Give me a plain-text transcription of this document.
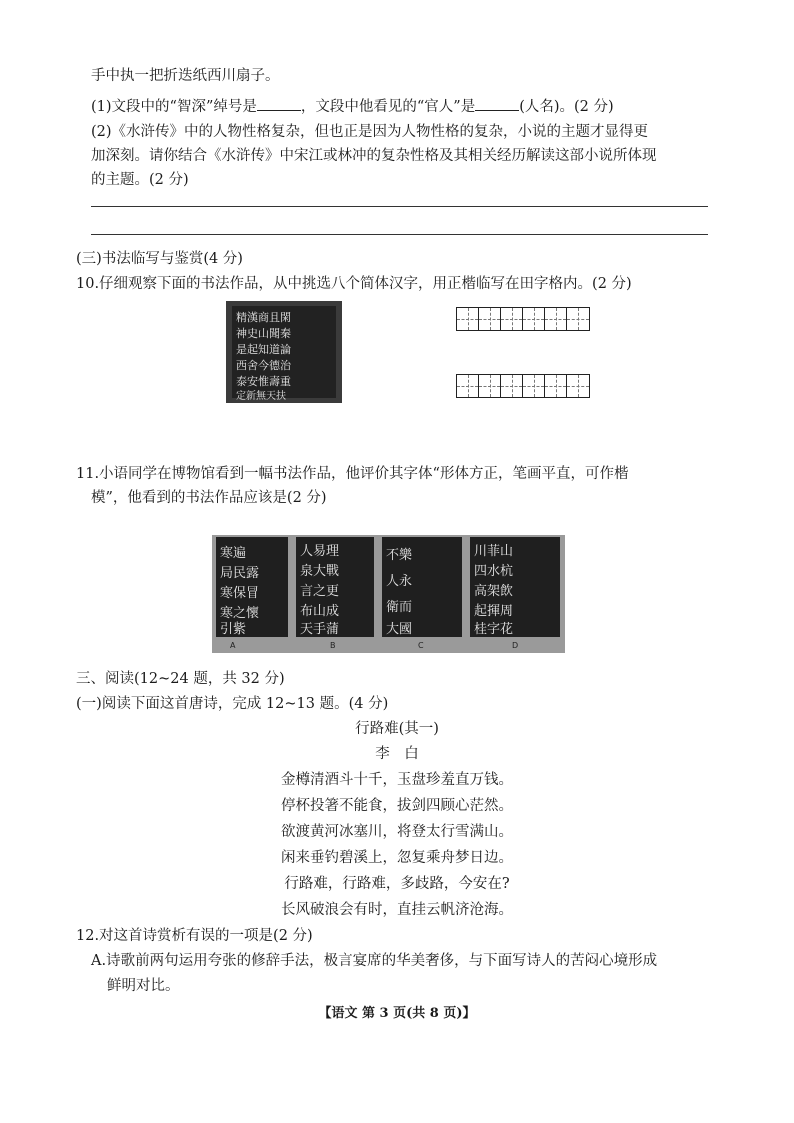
手中执一把折迭纸西川扇子。
(1)文段中的“智深”绰号是	，文段中他看见的“官人”是	(人名)。(2 分)
(2)《水浒传》中的人物性格复杂，但也正是因为人物性格的复杂，小说的主题才显得更
加深刻。请你结合《水浒传》中宋江或林冲的复杂性格及其相关经历解读这部小说所体现
的主题。(2 分)
(三)书法临写与鉴赏(4 分)
10.仔细观察下面的书法作品，从中挑选八个简体汉字，用正楷临写在田字格内。(2 分)
精漢商且閑
神史山聞秦
是起知道論
西舍今德治
泰安惟壽重
定新無天扶
11.小语同学在博物馆看到一幅书法作品，他评价其字体“形体方正，笔画平直，可作楷
模”，他看到的书法作品应该是(2 分)
寒遍
局民露
寒保冒
寒之懷
引紫
人易理
泉大戰
言之更
布山成
天手蒲
不樂
人永
衛而
大國
川菲山
四水杭
高架飲
起揮周
桂字花
A	B	C	D
三、阅读(12~24 题，共 32 分)
(一)阅读下面这首唐诗，完成 12~13 题。(4 分)
行路难(其一)
李　白
金樽清酒斗十千，玉盘珍羞直万钱。
停杯投箸不能食，拔剑四顾心茫然。
欲渡黄河冰塞川，将登太行雪满山。
闲来垂钓碧溪上，忽复乘舟梦日边。
行路难，行路难，多歧路，今安在?
长风破浪会有时，直挂云帆济沧海。
12.对这首诗赏析有误的一项是(2 分)
A.诗歌前两句运用夸张的修辞手法，极言宴席的华美奢侈，与下面写诗人的苦闷心境形成
鲜明对比。
【语文 第 3 页(共 8 页)】
